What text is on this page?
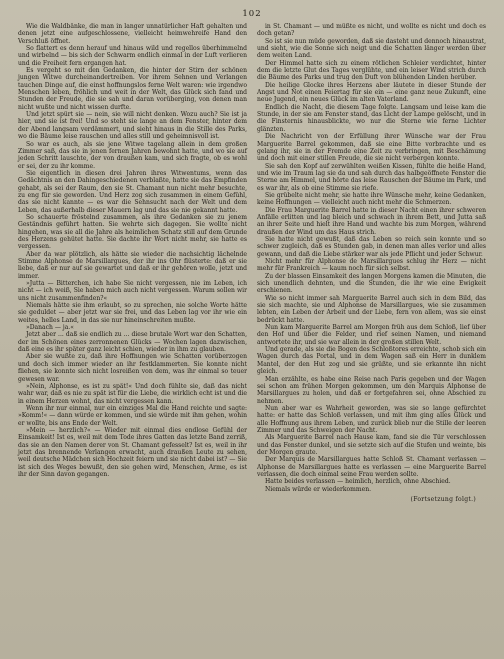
102

Wie die Waldbänke, die man in langer unnatürlicher Haft gehalten und denen jetzt eine aufgeschlossene, vielleicht heimwehreife Hand den Verschluß öffnet.

So flattert es denn herauf und hinaus wild und regellos überhimmelnd und wirbelnd — bis sich der Schwarm endlich einmal in der Luft verlieren und die Freiheit fern ergangen hat.

Es vergeht so mit den Gedanken, die hinter der Stirn der schönen jungen Witwe durcheinandertreiben. Vor ihrem Sehnen und Verlangen tauchen Dinge auf, die einst hoffnungslos ferne Welt waren: wie irgendwo Menschen leben, fröhlich und weit in der Welt, das Glück sich fand und Stunden der Freude, die sie sah und daran vorüberging, von denen man nicht wußte und nicht wissen durfte.

Und jetzt spürt sie — nein, sie will nicht denken. Wozu auch? Sie ist ja hier, und sie ist frei! Und so steht sie lange an dem Fenster, hinter dem der Abend langsam verdämmert, und sieht hinaus in die Stille des Parks, wo die Bäume leise rauschen und alles still und geheimnisvoll ist.

So war es auch, als sie jene Witwe tagelang allein in dem großen Zimmer saß, das sie in jenen fernen Jahren bewohnt hatte, und wo sie auf jeden Schritt lauschte, der von draußen kam, und sich fragte, ob es wohl er sei, der zu ihr komme.

Sie eigentlich in diesen drei Jahren ihres Witwentums, wenn das Gedächtnis an den Dahingeschiedenen verblaßte, hatte sie das Empfinden gehabt, als sei der Raum, den sie St. Chamant nun nicht mehr besuchte, zu eng für sie geworden. Und Herz zog sich zusammen in einem Gefühl, das sie nicht kannte — es war die Sehnsucht nach der Welt und dem Leben, das außerhalb dieser Mauern lag und das sie nie gekannt hatte.

So schauerte fröstelnd zusammen, als ihre Gedanken sie zu jenem Geständnis geführt hatten. Sie wehrte sich dagegen. Sie wollte nicht hingehen, was sie all die Jahre als heimlichen Schatz still auf dem Grunde des Herzens gehütet hatte. Sie dachte ihr Wort nicht mehr, sie hatte es vergessen.

Aber da war plötzlich, als hätte sie wieder die nachsichtig lächelnde Stimme Alphonse de Marsillargues, der ihr ins Ohr flüsterte: daß er sie liebe, daß er nur auf sie gewartet und daß er ihr gehören wolle, jetzt und immer.

»Jutta — Bitterchen, ich habe Sie nicht vergessen, nie im Leben, ich nicht — ich weiß, Sie haben mich auch nicht vergessen. Warum sollen wir uns nicht zusammenfinden?«

Niemals hätte sie ihm erlaubt, so zu sprechen, nie solche Worte hätte sie geduldet — aber jetzt war sie frei, und das Leben lag vor ihr wie ein weites, helles Land, in das sie nur hineinschreiten mußte.

»Danach — ja.«

Jetzt aber ... daß sie endlich zu ... diese brutale Wort war den Schatten, der im Schönen eines zerronnenen Glücks — Wochen lagen dazwischen, daß eine es ihr später ganz leicht schien, wieder in ihm zu glauben.

Aber sie wußte zu, daß ihre Hoffnungen wie Schatten vorüberzogen und doch sich immer wieder an ihr festklammerten. Sie konnte nicht fliehen, sie konnte sich nicht losreißen von dem, was ihr einmal so teuer gewesen war.

»Nein, Alphonse, es ist zu spät!« Und doch fühlte sie, daß das nicht wahr war, daß es nie zu spät ist für die Liebe, die wirklich echt ist und die in einem Herzen wohnt, das nicht vergessen kann.

Wenn ihr nur einmal, nur ein einziges Mal die Hand reichte und sagte: »Komm!« — dann würde er kommen, und sie würde mit ihm gehen, wohin er wollte, bis ans Ende der Welt.

»Mein — herzlich?« — Wieder mit einmal dies endlose Gefühl der Einsamkeit! Ist es, weil mit dem Tode ihres Gatten das letzte Band zerriß, das sie an den Namen derer von St. Chamant gefesselt? Ist es, weil in ihr jetzt das brennende Verlangen erwacht, auch draußen Leute zu sehen, weil deutsche Mädchen sich Hochzeit feiern und sie nicht dabei ist? — Sie ist sich des Weges bewußt, den sie gehen wird, Menschen, Arme, es ist ihr der Sinn davon gegangen.

in St. Chamant — und müßte es nicht, und wollte es nicht und doch es doch getan?

So ist sie nun müde geworden, daß sie dasteht und dennoch hinaustrat, und sieht, wie die Sonne sich neigt und die Schatten länger werden über dem weiten Land.

Der Himmel hatte sich zu einem rötlichen Schleier verdichtet, hinter dem die letzte Glut des Tages verglühte, und ein leiser Wind strich durch die Bäume des Parks und trug den Duft von blühenden Linden herüber.

Die heilige Glocke ihres Herzens aber läutete in dieser Stunde der Angst und Not einen Feiertag für sie ein — eine ganz neue Zukunft, eine neue Jugend, ein neues Glück im alten Vaterland.

Endlich die Nacht, die diesem Tage folgte. Langsam und leise kam die Stunde, in der sie am Fenster stand, das Licht der Lampe gelöscht, und in die Finsternis hinausblickte, wo nur die Sterne wie ferne Lichter glänzten.

Die Nachricht von der Erfüllung ihrer Wünsche war der Frau Marguerite Barrel gekommen, daß sie eine Bitte vorbrachte und es gelang ihr, sie in der Fremde eine Zeit zu verbringen, mit Beschämung und doch mit einer stillen Freude, die sie nicht verbergen konnte.

Sie sah den Kopf auf zerwühlten weißen Kissen, fühlte die heiße Hand, und wie im Traum lag sie da und sah durch das halbgeöffnete Fenster die Sterne am Himmel, und hörte das leise Rauschen der Bäume im Park, und es war ihr, als ob eine Stimme sie riefe.

Sie grübelte nicht mehr, sie hatte ihre Wünsche mehr, keine Gedanken, keine Hoffnungen — vielleicht auch nicht mehr die Schmerzen.

Die Frau Marguerite Barrel hatte in dieser Nacht einen ihrer schweren Anfälle erlitten und lag bleich und schwach in ihrem Bett, und Jutta saß an ihrer Seite und hielt ihre Hand und wachte bis zum Morgen, während draußen der Wind um das Haus strich.

Sie hatte nicht gewußt, daß das Leben so reich sein konnte und so schwer zugleich, daß es Stunden gab, in denen man alles verlor und alles gewann, und daß die Liebe stärker war als jede Pflicht und jeder Schwur.

Nicht mehr für Alphonse de Marsillargues schlug ihr Herz — nicht mehr für Frankreich — kaum noch für sich selbst.

Zu der blassen Einsamkeit des langen Morgens kamen die Minuten, die sich unendlich dehnten, und die Stunden, die ihr wie eine Ewigkeit erschienen.

Wie so nicht immer sah Marguerite Barrel auch sich in dem Bild, das sie sich machte, sie und Alphonse de Marsillargues, wie sie zusammen lebten, ein Leben der Arbeit und der Liebe, fern von allem, was sie einst bedrückt hatte.

Nun kam Marguerite Barrel am Morgen früh aus dem Schloß, lief über den Hof und über die Felder, und rief seinen Namen, und niemand antwortete ihr, und sie war allein in der großen stillen Welt.

Und gerade, als sie die Bogen des Schloßtores erreichte, schob sich ein Wagen durch das Portal, und in dem Wagen saß ein Herr in dunklem Mantel, der den Hut zog und sie grüßte, und sie erkannte ihn nicht gleich.

Man erzählte, es habe eine Reise nach Paris gegeben und der Wagen sei schon am frühen Morgen gekommen, um den Marquis Alphonse de Marsillargues zu holen, und daß er fortgefahren sei, ohne Abschied zu nehmen.

Nun aber war es Wahrheit geworden, was sie so lange gefürchtet hatte: er hatte das Schloß verlassen, und mit ihm ging alles Glück und alle Hoffnung aus ihrem Leben, und zurück blieb nur die Stille der leeren Zimmer und das Schweigen der Nacht.

Als Marguerite Barrel nach Hause kam, fand sie die Tür verschlossen und das Fenster dunkel, und sie setzte sich auf die Stufen und weinte, bis der Morgen graute.

Der Marquis de Marsillargues hatte Schloß St. Chamant verlassen — Alphonse de Marsillargues hatte es verlassen — eine Marguerite Barrel verlassen, die doch einmal seine Frau werden sollte.

Hatte beides verlassen — heimlich, herzlich, ohne Abschied.

Niemals würde er wiederkommen.

(Fortsetzung folgt.)
